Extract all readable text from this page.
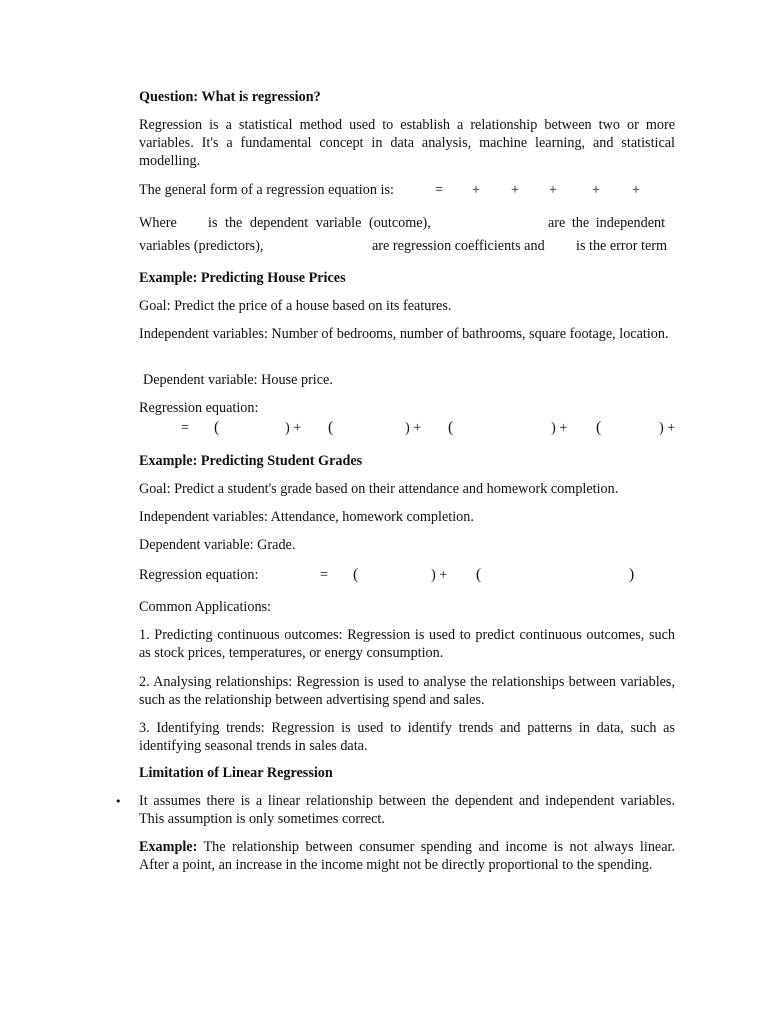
Question: What is regression?

Regression is a statistical method used to establish a relationship between two or more variables. It's a fundamental concept in data analysis, machine learning, and statistical modelling.

The general form of a regression equation is:	= + + + + +
Where is the dependent variable (outcome),	are the independent
variables (predictors),	are regression coefficients and is the error term

Example: Predicting House Prices

Goal: Predict the price of a house based on its features.

Independent variables: Number of bedrooms, number of bathrooms, square footage, location.

Dependent variable: House price.

Regression equation:

= (	) + (	) + (	) + (	) +

Example: Predicting Student Grades

Goal: Predict a student's grade based on their attendance and homework completion.

Independent variables: Attendance, homework completion.

Dependent variable: Grade.

Regression equation:	= (	) + (	)

Common Applications:

1. Predicting continuous outcomes: Regression is used to predict continuous outcomes, such as stock prices, temperatures, or energy consumption.

2. Analysing relationships: Regression is used to analyse the relationships between variables, such as the relationship between advertising spend and sales.

3. Identifying trends: Regression is used to identify trends and patterns in data, such as identifying seasonal trends in sales data.

Limitation of Linear Regression

• It assumes there is a linear relationship between the dependent and independent variables. This assumption is only sometimes correct.

Example: The relationship between consumer spending and income is not always linear. After a point, an increase in the income might not be directly proportional to the spending.
